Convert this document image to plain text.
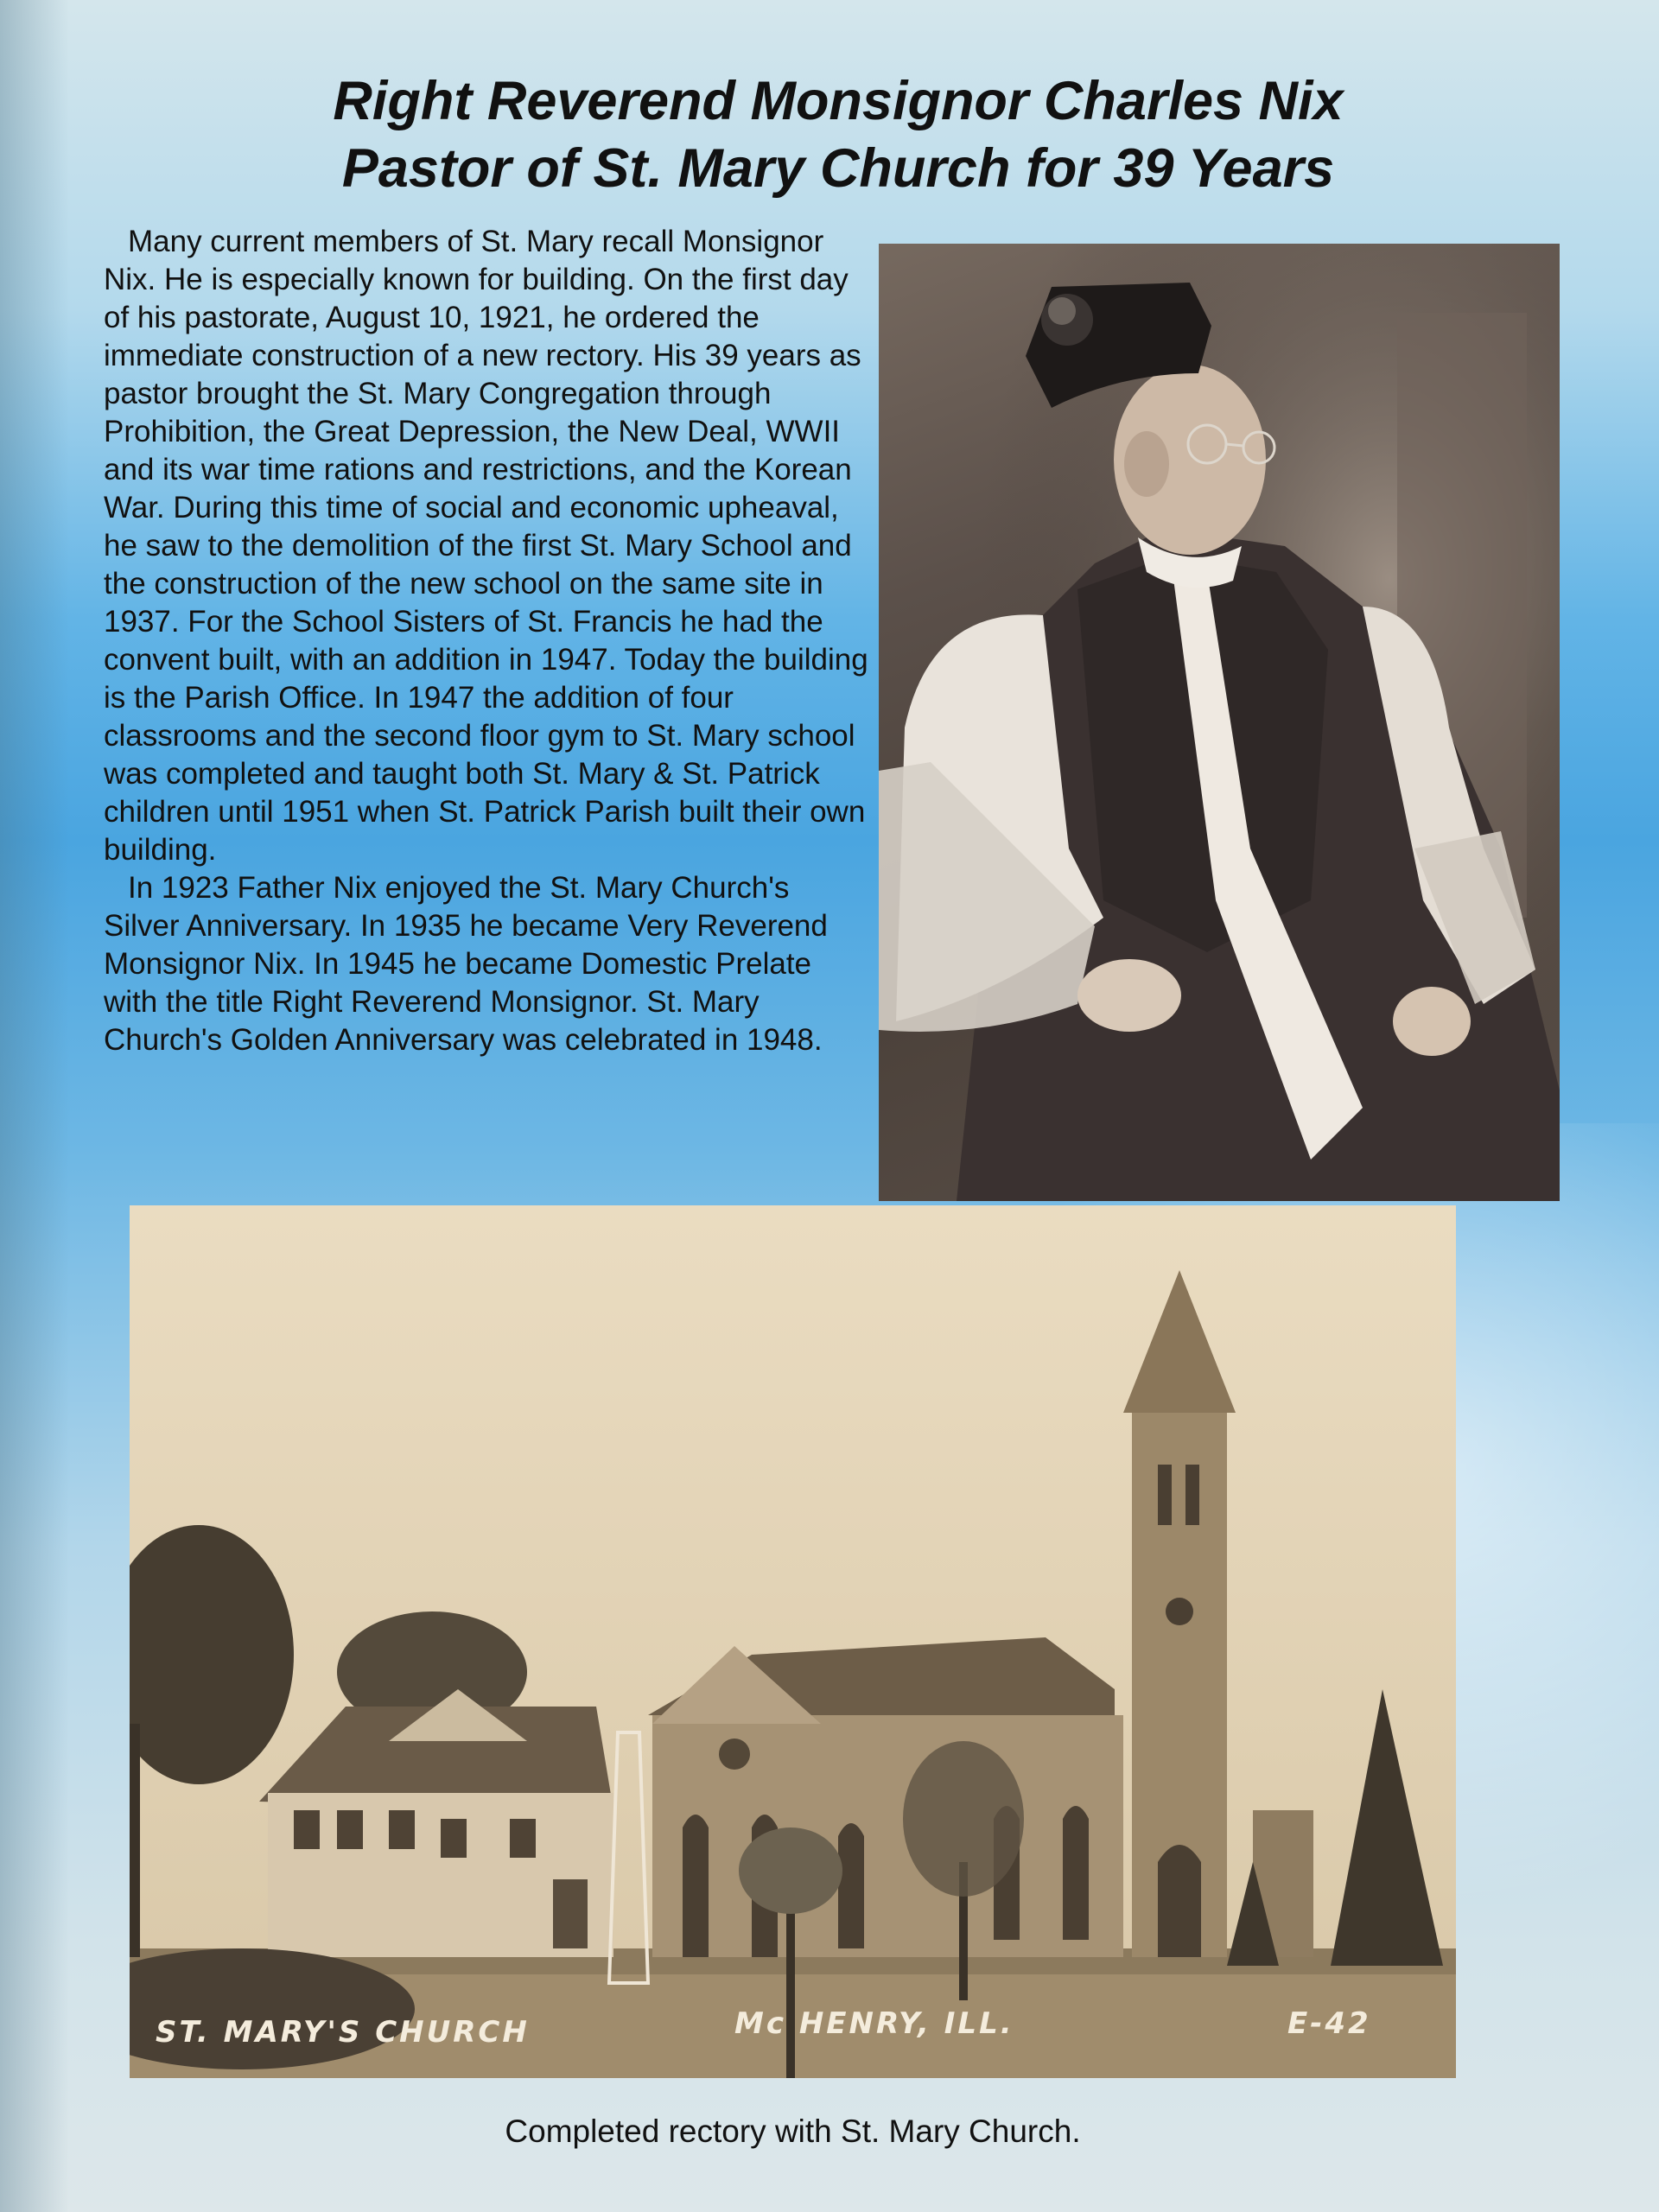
Right Reverend Monsignor Charles Nix
Pastor of St. Mary Church for 39 Years

Many current members of St. Mary recall Monsignor Nix. He is especially known for building. On the first day of his pastorate, August 10, 1921, he ordered the immediate construction of a new rectory. His 39 years as pastor brought the St. Mary Congregation through Prohibition, the Great Depression, the New Deal, WWII and its war time rations and restrictions, and the Korean War. During this time of social and economic upheaval, he saw to the demolition of the first St. Mary School and the construction of the new school on the same site in 1937. For the School Sisters of St. Francis he had the convent built, with an addition in 1947. Today the building is the Parish Office. In 1947 the addition of four classrooms and the second floor gym to St. Mary school was completed and taught both St. Mary & St. Patrick children until 1951 when St. Patrick Parish built their own building.

In 1923 Father Nix enjoyed the St. Mary Church's Silver Anniversary. In 1935 he became Very Reverend Monsignor Nix. In 1945 he became Domestic Prelate with the title Right Reverend Monsignor. St. Mary Church's Golden Anniversary was celebrated in 1948.

ST. MARY'S CHURCH	Mc HENRY, ILL.	E-42

Completed rectory with St. Mary Church.
